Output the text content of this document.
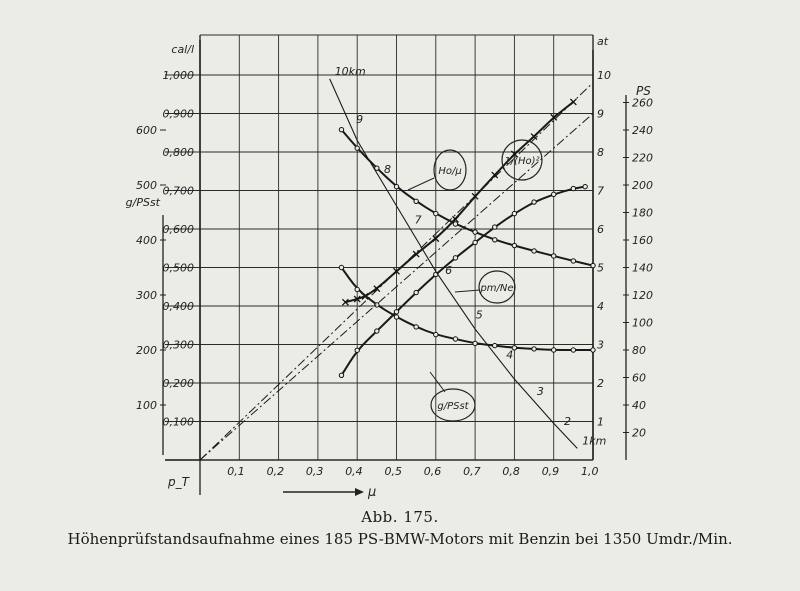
0,100
0,200
0,300
0,400
0,500
0,600
0,700
0,800
0,900
1,000
cal/l
100
200
300
400
500
600
g/PSst
1
2
3
4
5
6
7
8
9
10
at
20
40
60
80
100
120
140
160
180
200
220
240
260
PS
0,1 0,2 0,3 0,4 0,5 0,6 0,7 0,8 0,9 1,0
μ
p_T
10km
9
8
7
6
5
4
3
2
1km
Ho/μ
1/(Ho)²
pm/Ne
g/PSst
Abb. 175.
Höhenprüfstandsaufnahme eines 185 PS-BMW-Motors mit Benzin bei 1350 Umdr./Min.
